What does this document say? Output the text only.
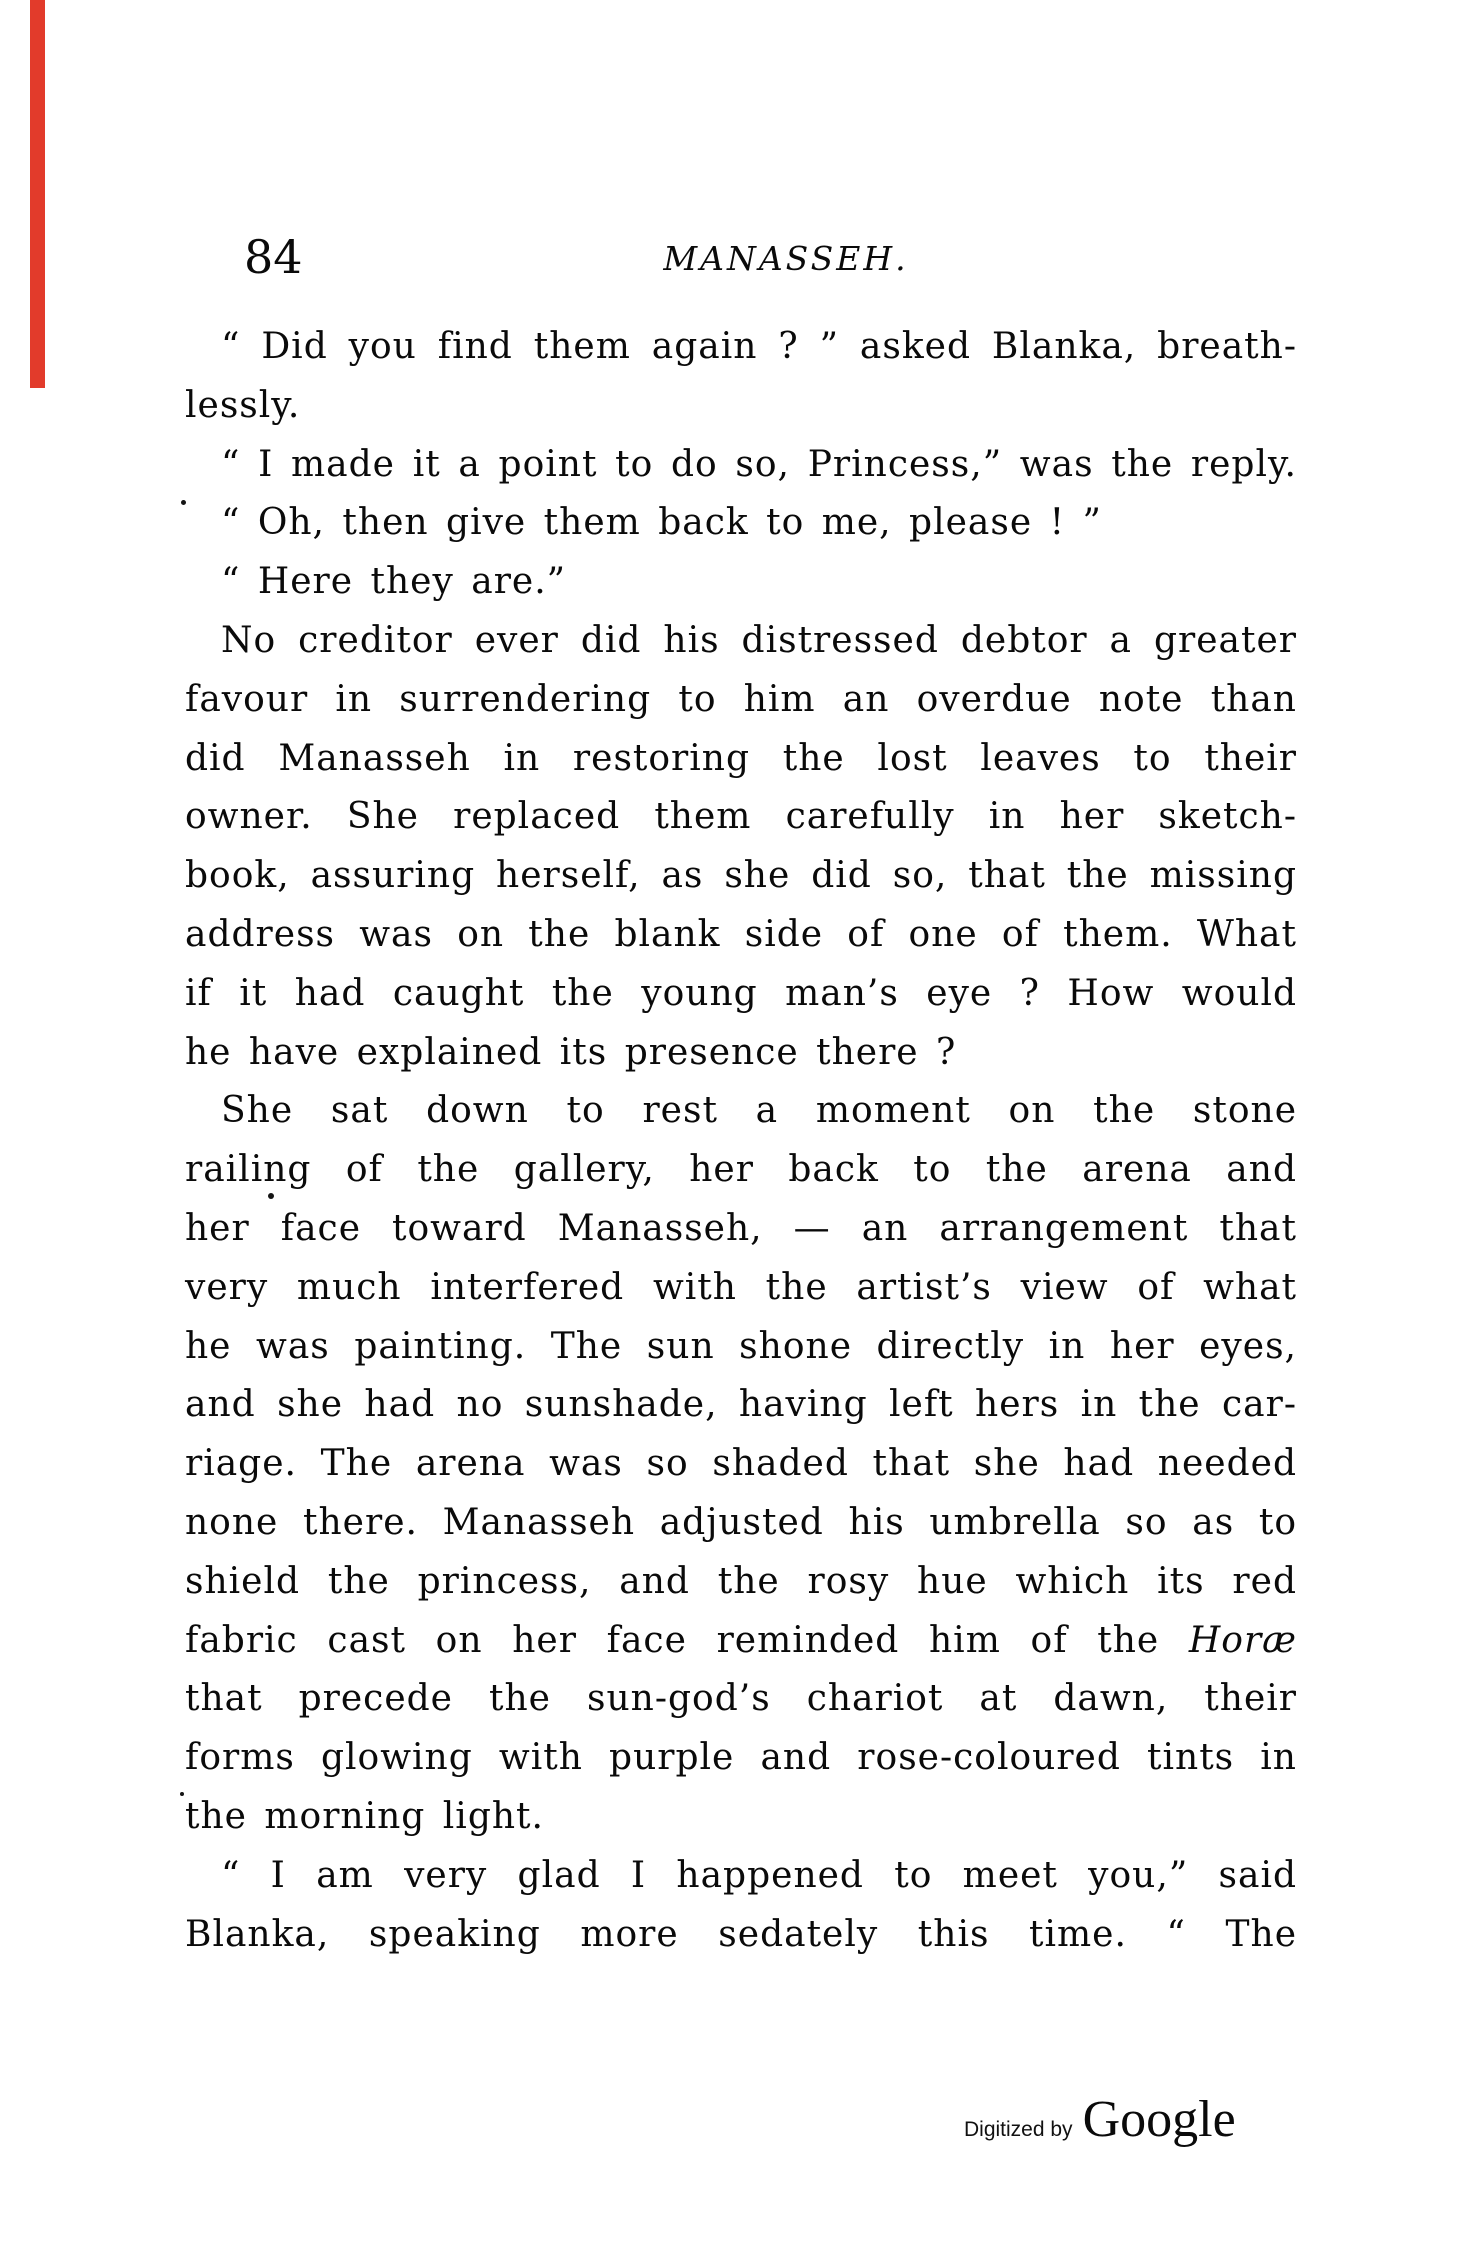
84	MANASSEH.
“ Did you find them again ? ” asked Blanka, breath-
lessly.
“ I made it a point to do so, Princess,” was the reply.
“ Oh, then give them back to me, please ! ”
“ Here they are.”
No creditor ever did his distressed debtor a greater
favour in surrendering to him an overdue note than
did Manasseh in restoring the lost leaves to their
owner. She replaced them carefully in her sketch-
book, assuring herself, as she did so, that the missing
address was on the blank side of one of them. What
if it had caught the young man’s eye ? How would
he have explained its presence there ?
She sat down to rest a moment on the stone
railing of the gallery, her back to the arena and
her face toward Manasseh, — an arrangement that
very much interfered with the artist’s view of what
he was painting. The sun shone directly in her eyes,
and she had no sunshade, having left hers in the car-
riage. The arena was so shaded that she had needed
none there. Manasseh adjusted his umbrella so as to
shield the princess, and the rosy hue which its red
fabric cast on her face reminded him of the Horæ
that precede the sun-god’s chariot at dawn, their
forms glowing with purple and rose-coloured tints in
the morning light.
“ I am very glad I happened to meet you,” said
Blanka, speaking more sedately this time. “ The
Digitized by Google
